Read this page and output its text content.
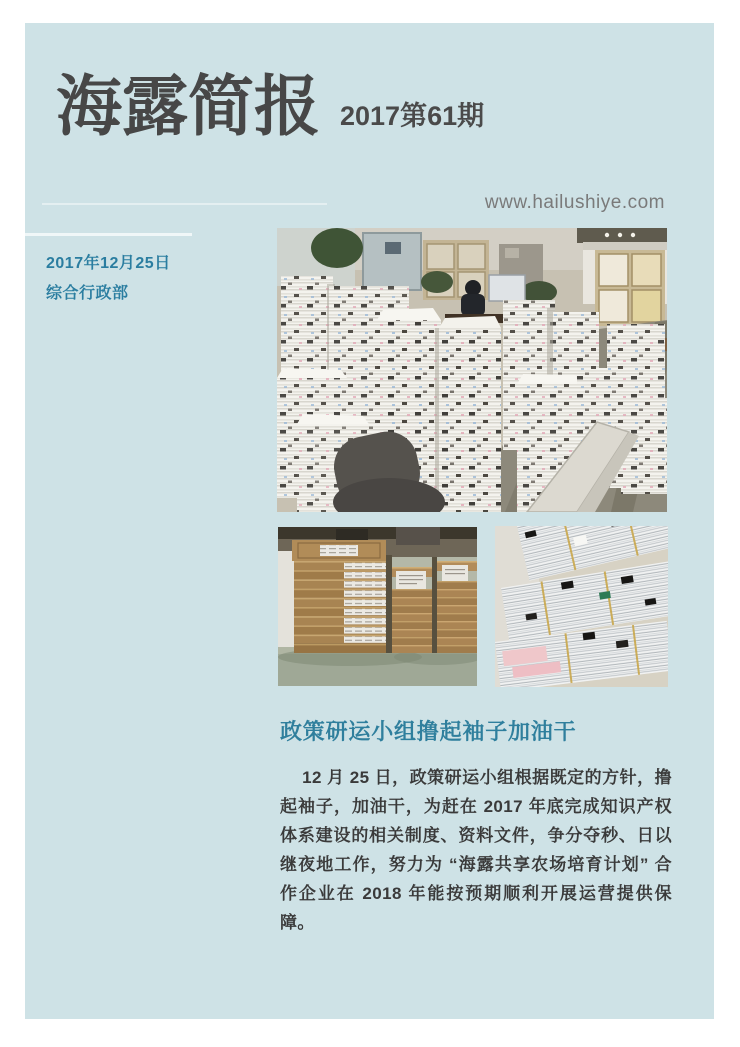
海露简报 2017第61期
www.hailushiye.com
2017年12月25日
综合行政部
政策研运小组撸起袖子加油干

12 月 25 日，政策研运小组根据既定的方针，撸起袖子，加油干，为赶在 2017 年底完成知识产权体系建设的相关制度、资料文件，争分夺秒、日以继夜地工作，努力为 “海露共享农场培育计划” 合作企业在 2018 年能按预期顺利开展运营提供保障。
